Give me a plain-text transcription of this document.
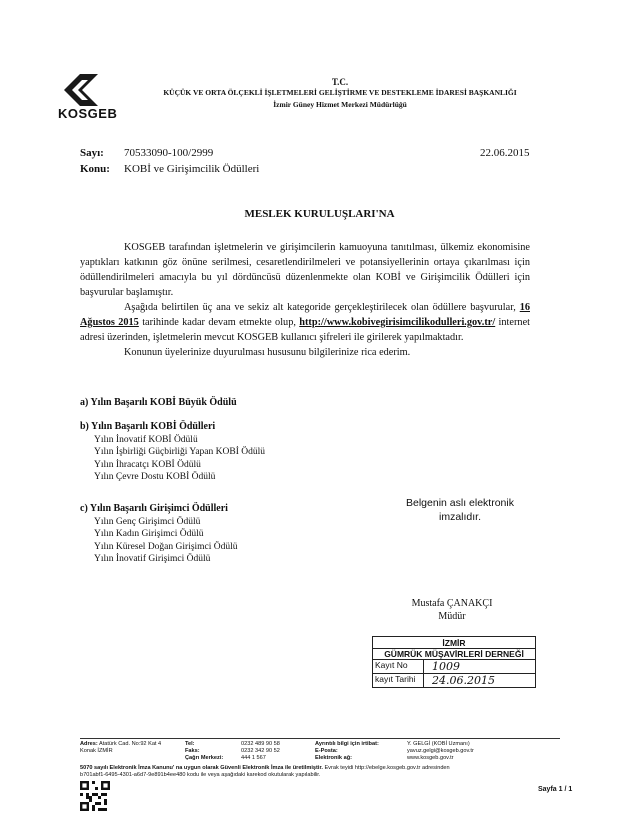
KOSGEB
T.C.
KÜÇÜK VE ORTA ÖLÇEKLİ İŞLETMELERİ GELİŞTİRME VE DESTEKLEME İDARESİ BAŞKANLIĞI
İzmir Güney Hizmet Merkezi Müdürlüğü
Sayı: 70533090-100/2999
Konu: KOBİ ve Girişimcilik Ödülleri
22.06.2015
MESLEK KURULUŞLARI'NA

KOSGEB tarafından işletmelerin ve girişimcilerin kamuoyuna tanıtılması, ülkemiz ekonomisine yaptıkları katkının göz önüne serilmesi, cesaretlendirilmeleri ve potansiyellerinin ortaya çıkarılması için ödüllendirilmeleri amacıyla bu yıl dördüncüsü düzenlenmekte olan KOBİ ve Girişimcilik Ödülleri için başvurular başlamıştır.

Aşağıda belirtilen üç ana ve sekiz alt kategoride gerçekleştirilecek olan ödüllere başvurular, 16 Ağustos 2015 tarihinde kadar devam etmekte olup, http://www.kobivegirisimcilikodulleri.gov.tr/ internet adresi üzerinden, işletmelerin mevcut KOSGEB kullanıcı şifreleri ile girilerek yapılmaktadır.

Konunun üyelerinize duyurulması hususunu bilgilerinize rica ederim.

a) Yılın Başarılı KOBİ Büyük Ödülü
b) Yılın Başarılı KOBİ Ödülleri
Yılın İnovatif KOBİ Ödülü
Yılın İşbirliği Güçbirliği Yapan KOBİ Ödülü
Yılın İhracatçı KOBİ Ödülü
Yılın Çevre Dostu KOBİ Ödülü
c) Yılın Başarılı Girişimci Ödülleri
Yılın Genç Girişimci Ödülü
Yılın Kadın Girişimci Ödülü
Yılın Küresel Doğan Girişimci Ödülü
Yılın İnovatif Girişimci Ödülü
Belgenin aslı elektronik
imzalıdır.
Mustafa ÇANAKÇI
Müdür
İZMİR
GÜMRÜK MÜŞAVİRLERİ DERNEĞİ
Kayıt No	1009
kayıt Tarihi	24.06.2015
Adres: Atatürk Cad. No:92 Kat 4
Konak İZMİR
Tel:	0232 489 90 58
Faks:	0232 342 90 52
Çağrı Merkezi:	444 1 567
Ayrıntılı bilgi için irtibat:	Y. GELGİ (KOBİ Uzmanı)
E-Posta:	yavuz.gelgi@kosgeb.gov.tr
Elektronik ağ:	www.kosgeb.gov.tr
5070 sayılı Elektronik İmza Kanunu' na uygun olarak Güvenli Elektronik İmza ile üretilmiştir. Evrak teyidi http://ebelge.kosgeb.gov.tr adresinden
b701abf1-6495-4301-a6d7-9e891b4ee480 kodu ile veya aşağıdaki karekod okutularak yapılabilir.
Sayfa 1 / 1
